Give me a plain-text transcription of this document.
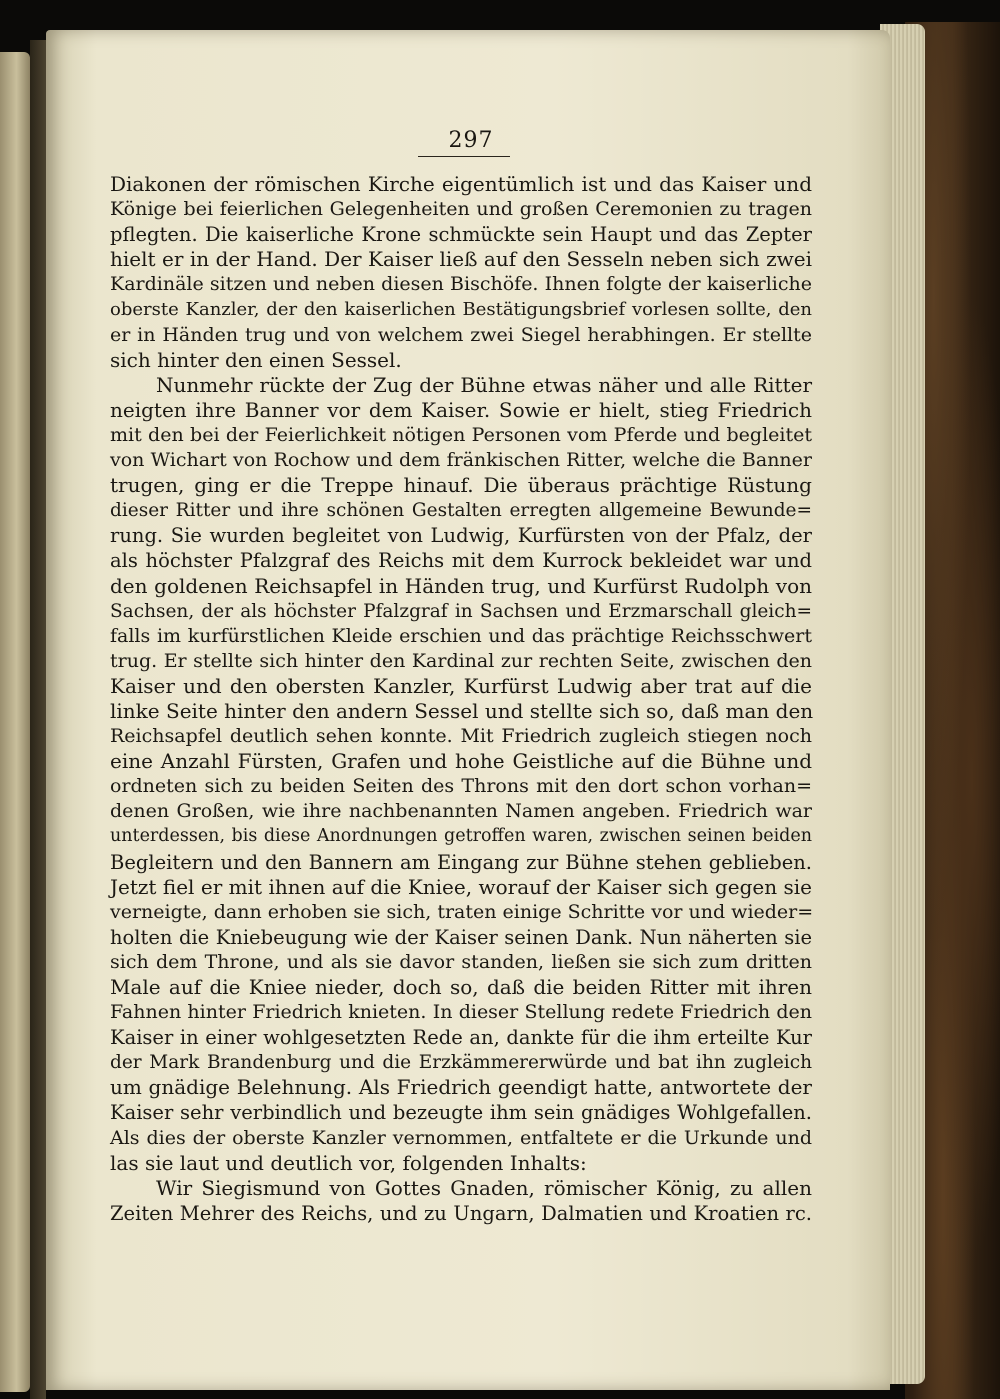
297
Diakonen der römischen Kirche eigentümlich ist und das Kaiser und
Könige bei feierlichen Gelegenheiten und großen Ceremonien zu tragen
pflegten. Die kaiserliche Krone schmückte sein Haupt und das Zepter
hielt er in der Hand. Der Kaiser ließ auf den Sesseln neben sich zwei
Kardinäle sitzen und neben diesen Bischöfe. Ihnen folgte der kaiserliche
oberste Kanzler, der den kaiserlichen Bestätigungsbrief vorlesen sollte, den
er in Händen trug und von welchem zwei Siegel herabhingen. Er stellte
sich hinter den einen Sessel.
Nunmehr rückte der Zug der Bühne etwas näher und alle Ritter
neigten ihre Banner vor dem Kaiser. Sowie er hielt, stieg Friedrich
mit den bei der Feierlichkeit nötigen Personen vom Pferde und begleitet
von Wichart von Rochow und dem fränkischen Ritter, welche die Banner
trugen, ging er die Treppe hinauf. Die überaus prächtige Rüstung
dieser Ritter und ihre schönen Gestalten erregten allgemeine Bewunde=
rung. Sie wurden begleitet von Ludwig, Kurfürsten von der Pfalz, der
als höchster Pfalzgraf des Reichs mit dem Kurrock bekleidet war und
den goldenen Reichsapfel in Händen trug, und Kurfürst Rudolph von
Sachsen, der als höchster Pfalzgraf in Sachsen und Erzmarschall gleich=
falls im kurfürstlichen Kleide erschien und das prächtige Reichsschwert
trug. Er stellte sich hinter den Kardinal zur rechten Seite, zwischen den
Kaiser und den obersten Kanzler, Kurfürst Ludwig aber trat auf die
linke Seite hinter den andern Sessel und stellte sich so, daß man den
Reichsapfel deutlich sehen konnte. Mit Friedrich zugleich stiegen noch
eine Anzahl Fürsten, Grafen und hohe Geistliche auf die Bühne und
ordneten sich zu beiden Seiten des Throns mit den dort schon vorhan=
denen Großen, wie ihre nachbenannten Namen angeben. Friedrich war
unterdessen, bis diese Anordnungen getroffen waren, zwischen seinen beiden
Begleitern und den Bannern am Eingang zur Bühne stehen geblieben.
Jetzt fiel er mit ihnen auf die Kniee, worauf der Kaiser sich gegen sie
verneigte, dann erhoben sie sich, traten einige Schritte vor und wieder=
holten die Kniebeugung wie der Kaiser seinen Dank. Nun näherten sie
sich dem Throne, und als sie davor standen, ließen sie sich zum dritten
Male auf die Kniee nieder, doch so, daß die beiden Ritter mit ihren
Fahnen hinter Friedrich knieten. In dieser Stellung redete Friedrich den
Kaiser in einer wohlgesetzten Rede an, dankte für die ihm erteilte Kur
der Mark Brandenburg und die Erzkämmererwürde und bat ihn zugleich
um gnädige Belehnung. Als Friedrich geendigt hatte, antwortete der
Kaiser sehr verbindlich und bezeugte ihm sein gnädiges Wohlgefallen.
Als dies der oberste Kanzler vernommen, entfaltete er die Urkunde und
las sie laut und deutlich vor, folgenden Inhalts:
Wir Siegismund von Gottes Gnaden, römischer König, zu allen
Zeiten Mehrer des Reichs, und zu Ungarn, Dalmatien und Kroatien rc.
